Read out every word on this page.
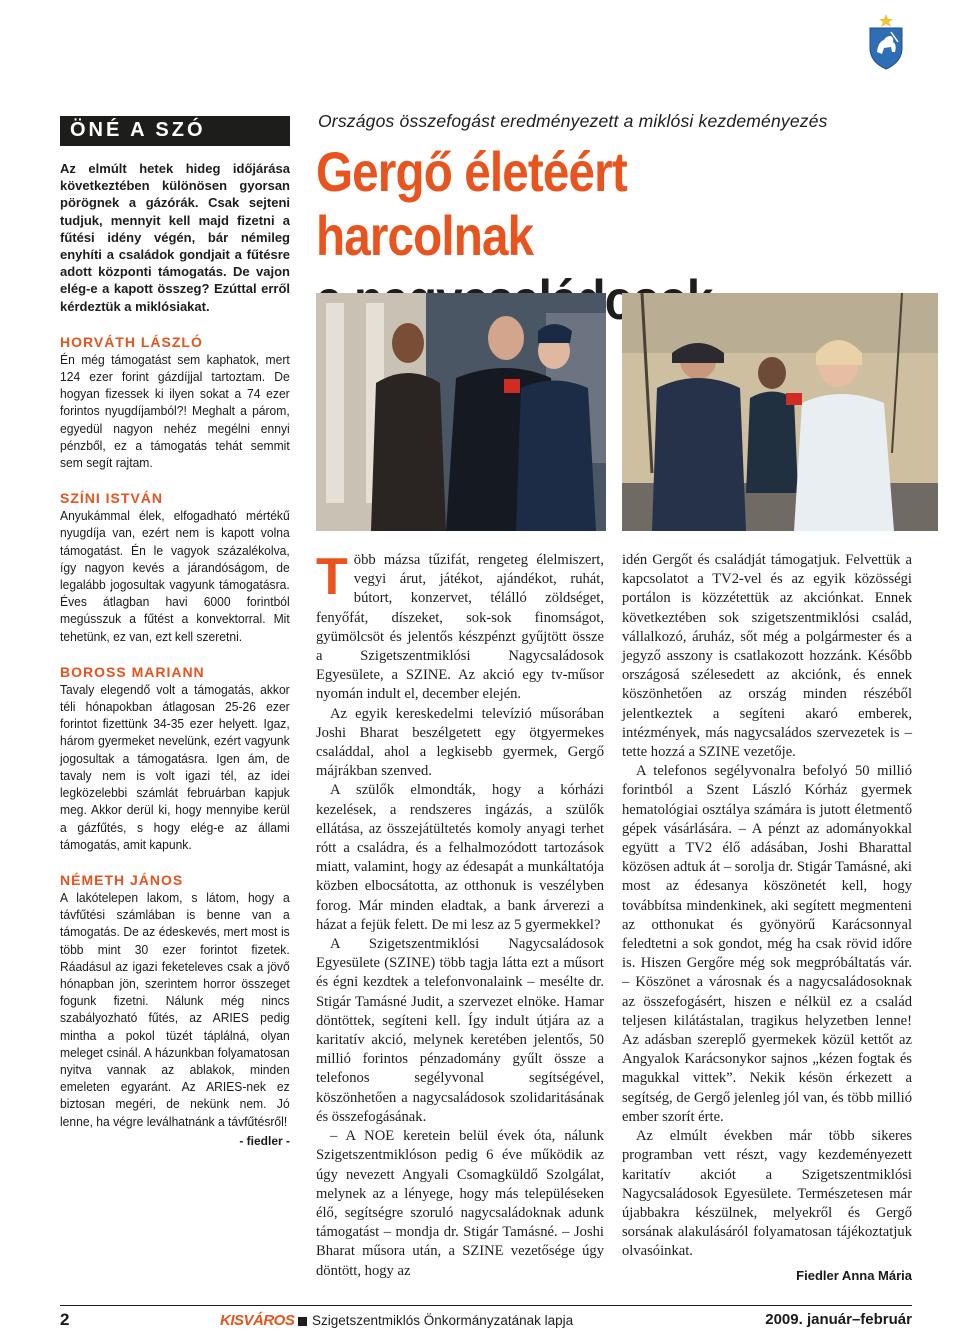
ÖNÉ A SZÓ

Az elmúlt hetek hideg időjárása következtében különösen gyorsan pörögnek a gázórák. Csak sejteni tudjuk, mennyit kell majd fizetni a fűtési idény végén, bár némileg enyhíti a családok gondjait a fűtésre adott központi támogatás. De vajon elég-e a kapott összeg? Ezúttal erről kérdeztük a miklósiakat.

HORVÁTH LÁSZLÓ

Én még támogatást sem kaphatok, mert 124 ezer forint gázdíjjal tartoztam. De hogyan fizessek ki ilyen sokat a 74 ezer forintos nyugdíjamból?! Meghalt a párom, egyedül nagyon nehéz megélni ennyi pénzből, ez a támogatás tehát semmit sem segít rajtam.

SZÍNI ISTVÁN

Anyukámmal élek, elfogadható mértékű nyugdíja van, ezért nem is kapott volna támogatást. Én le vagyok százalékolva, így nagyon kevés a járandóságom, de legalább jogosultak vagyunk támogatásra. Éves átlagban havi 6000 forintból megússzuk a fűtést a konvektorral. Mit tehetünk, ez van, ezt kell szeretni.

BOROSS MARIANN

Tavaly elegendő volt a támogatás, akkor téli hónapokban átlagosan 25-26 ezer forintot fizettünk 34-35 ezer helyett. Igaz, három gyermeket nevelünk, ezért vagyunk jogosultak a támogatásra. Igen ám, de tavaly nem is volt igazi tél, az idei legközelebbi számlát februárban kapjuk meg. Akkor derül ki, hogy mennyibe kerül a gázfűtés, s hogy elég-e az állami támogatás, amit kapunk.

NÉMETH JÁNOS

A lakótelepen lakom, s látom, hogy a távfűtési számlában is benne van a támogatás. De az édeskevés, mert most is több mint 30 ezer forintot fizetek. Ráadásul az igazi feketeleves csak a jövő hónapban jön, szerintem horror összeget fogunk fizetni. Nálunk még nincs szabályozható fűtés, az ARIES pedig mintha a pokol tüzét táplálná, olyan meleget csinál. A házunkban folyamatosan nyitva vannak az ablakok, minden emeleten egyaránt. Az ARIES-nek ez biztosan megéri, de nekünk nem. Jó lenne, ha végre leválhatnánk a távfűtésről!

- fiedler -
Országos összefogást eredményezett a miklósi kezdeményezés
Gergő életéért harcolnak

Több mázsa tűzifát, rengeteg élelmiszert, vegyi árut, játékot, ajándékot, ruhát, bútort, konzervet, télálló zöldséget, fenyőfát, díszeket, sok-sok finomságot, gyümölcsöt és jelentős készpénzt gyűjtött össze a Szigetszentmiklósi Nagycsaládosok Egyesülete, a SZINE. Az akció egy tv-műsor nyomán indult el, december elején.

Az egyik kereskedelmi televízió műsorában Joshi Bharat beszélgetett egy ötgyermekes családdal, ahol a legkisebb gyermek, Gergő májrákban szenved.

A szülők elmondták, hogy a kórházi kezelések, a rendszeres ingázás, a szülők ellátása, az összejátültetés komoly anyagi terhet rótt a családra, és a felhalmozódott tartozások miatt, valamint, hogy az édesapát a munkáltatója közben elbocsátotta, az otthonuk is veszélyben forog. Már minden eladtak, a bank árverezi a házat a fejük felett. De mi lesz az 5 gyermekkel?

A Szigetszentmiklósi Nagycsaládosok Egyesülete (SZINE) több tagja látta ezt a műsort és égni kezdtek a telefonvonalaink – mesélte dr. Stigár Tamásné Judit, a szervezet elnöke. Hamar döntöttek, segíteni kell. Így indult útjára az a karitatív akció, melynek keretében jelentős, 50 millió forintos pénzadomány gyűlt össze a telefonos segélyvonal segítségével, köszönhetően a nagycsaládosok szolidaritásának és összefogásának.

– A NOE keretein belül évek óta, nálunk Szigetszentmiklóson pedig 6 éve működik az úgy nevezett Angyali Csomagküldő Szolgálat, melynek az a lényege, hogy más településeken élő, segítségre szoruló nagycsaládoknak adunk támogatást – mondja dr. Stigár Tamásné. – Joshi Bharat műsora után, a SZINE vezetősége úgy döntött, hogy az

idén Gergőt és családját támogatjuk. Felvettük a kapcsolatot a TV2-vel és az egyik közösségi portálon is közzétettük az akciónkat. Ennek következtében sok szigetszentmiklósi család, vállalkozó, áruház, sőt még a polgármester és a jegyző asszony is csatlakozott hozzánk. Később országosá szélesedett az akciónk, és ennek köszönhetően az ország minden részéből jelentkeztek a segíteni akaró emberek, intézmények, más nagycsaládos szervezetek is – tette hozzá a SZINE vezetője.

A telefonos segélyvonalra befolyó 50 millió forintból a Szent László Kórház gyermek hematológiai osztálya számára is jutott életmentő gépek vásárlására. – A pénzt az adományokkal együtt a TV2 élő adásában, Joshi Bharattal közösen adtuk át – sorolja dr. Stigár Tamásné, aki most az édesanya köszönetét kell, hogy továbbítsa mindenkinek, aki segített megmenteni az otthonukat és gyönyörű Karácsonnyal feledtetni a sok gondot, még ha csak rövid időre is. Hiszen Gergőre még sok megpróbáltatás vár. – Köszönet a városnak és a nagycsaládosoknak az összefogásért, hiszen e nélkül ez a család teljesen kilátástalan, tragikus helyzetben lenne! Az adásban szereplő gyermekek közül kettőt az Angyalok Karácsonykor sajnos „kézen fogtak és magukkal vittek”. Nekik késön érkezett a segítség, de Gergő jelenleg jól van, és több millió ember szorít érte.

Az elmúlt években már több sikeres programban vett részt, vagy kezdeményezett karitatív akciót a Szigetszentmiklósi Nagycsaládosok Egyesülete. Természetesen már újabbakra készülnek, melyekről és Gergő sorsának alakulásáról folyamatosan tájékoztatjuk olvasóinkat.

Fiedler Anna Mária
2	KISVÁROS Szigetszentmiklós Önkormányzatának lapja	2009. január–február
